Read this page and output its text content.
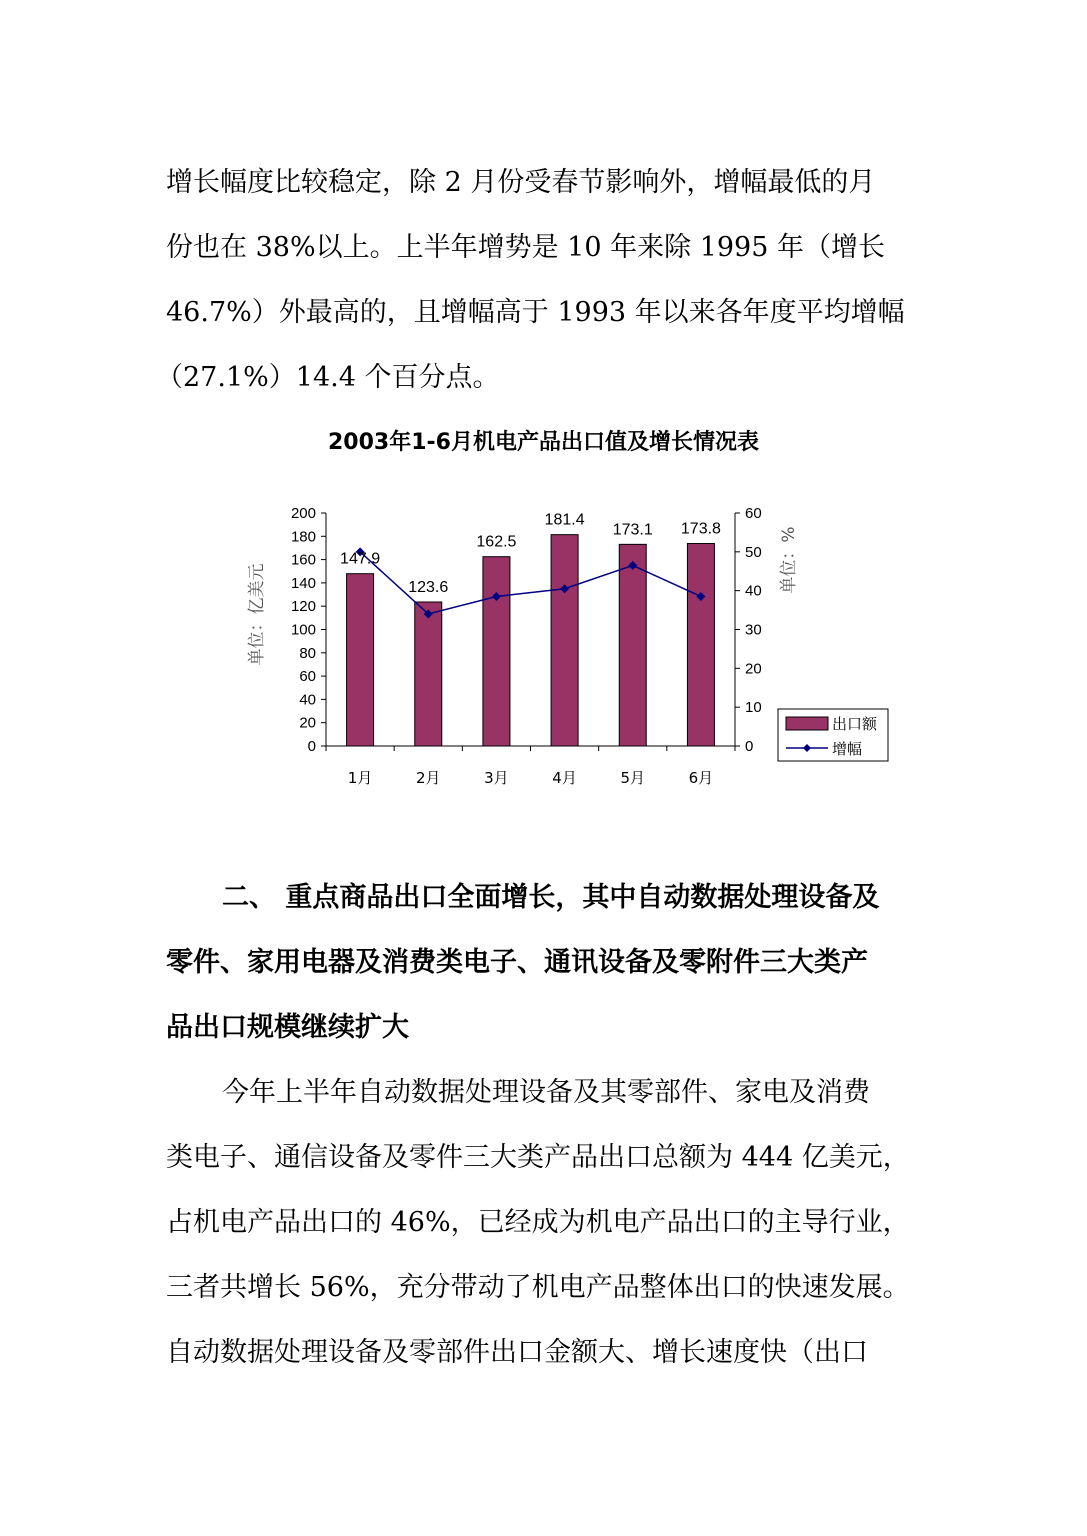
增长幅度比较稳定，除 2 月份受春节影响外，增幅最低的月
份也在 38%以上。上半年增势是 10 年来除 1995 年（增长
46.7%）外最高的，且增幅高于 1993 年以来各年度平均增幅
（27.1%）14.4 个百分点。
2003年1-6月机电产品出口值及增长情况表
0
20
40
60
80
100
120
140
160
180
200
0
10
20
30
40
50
60
1月	2月	3月	4月	5月	6月
147.9
123.6
162.5
181.4
173.1 173.8
单位：亿美元
单位：%
出口额
增幅
二、 重点商品出口全面增长，其中自动数据处理设备及
零件、家用电器及消费类电子、通讯设备及零附件三大类产
品出口规模继续扩大
今年上半年自动数据处理设备及其零部件、家电及消费
类电子、通信设备及零件三大类产品出口总额为 444 亿美元，
占机电产品出口的 46%，已经成为机电产品出口的主导行业，
三者共增长 56%，充分带动了机电产品整体出口的快速发展。
自动数据处理设备及零部件出口金额大、增长速度快（出口
